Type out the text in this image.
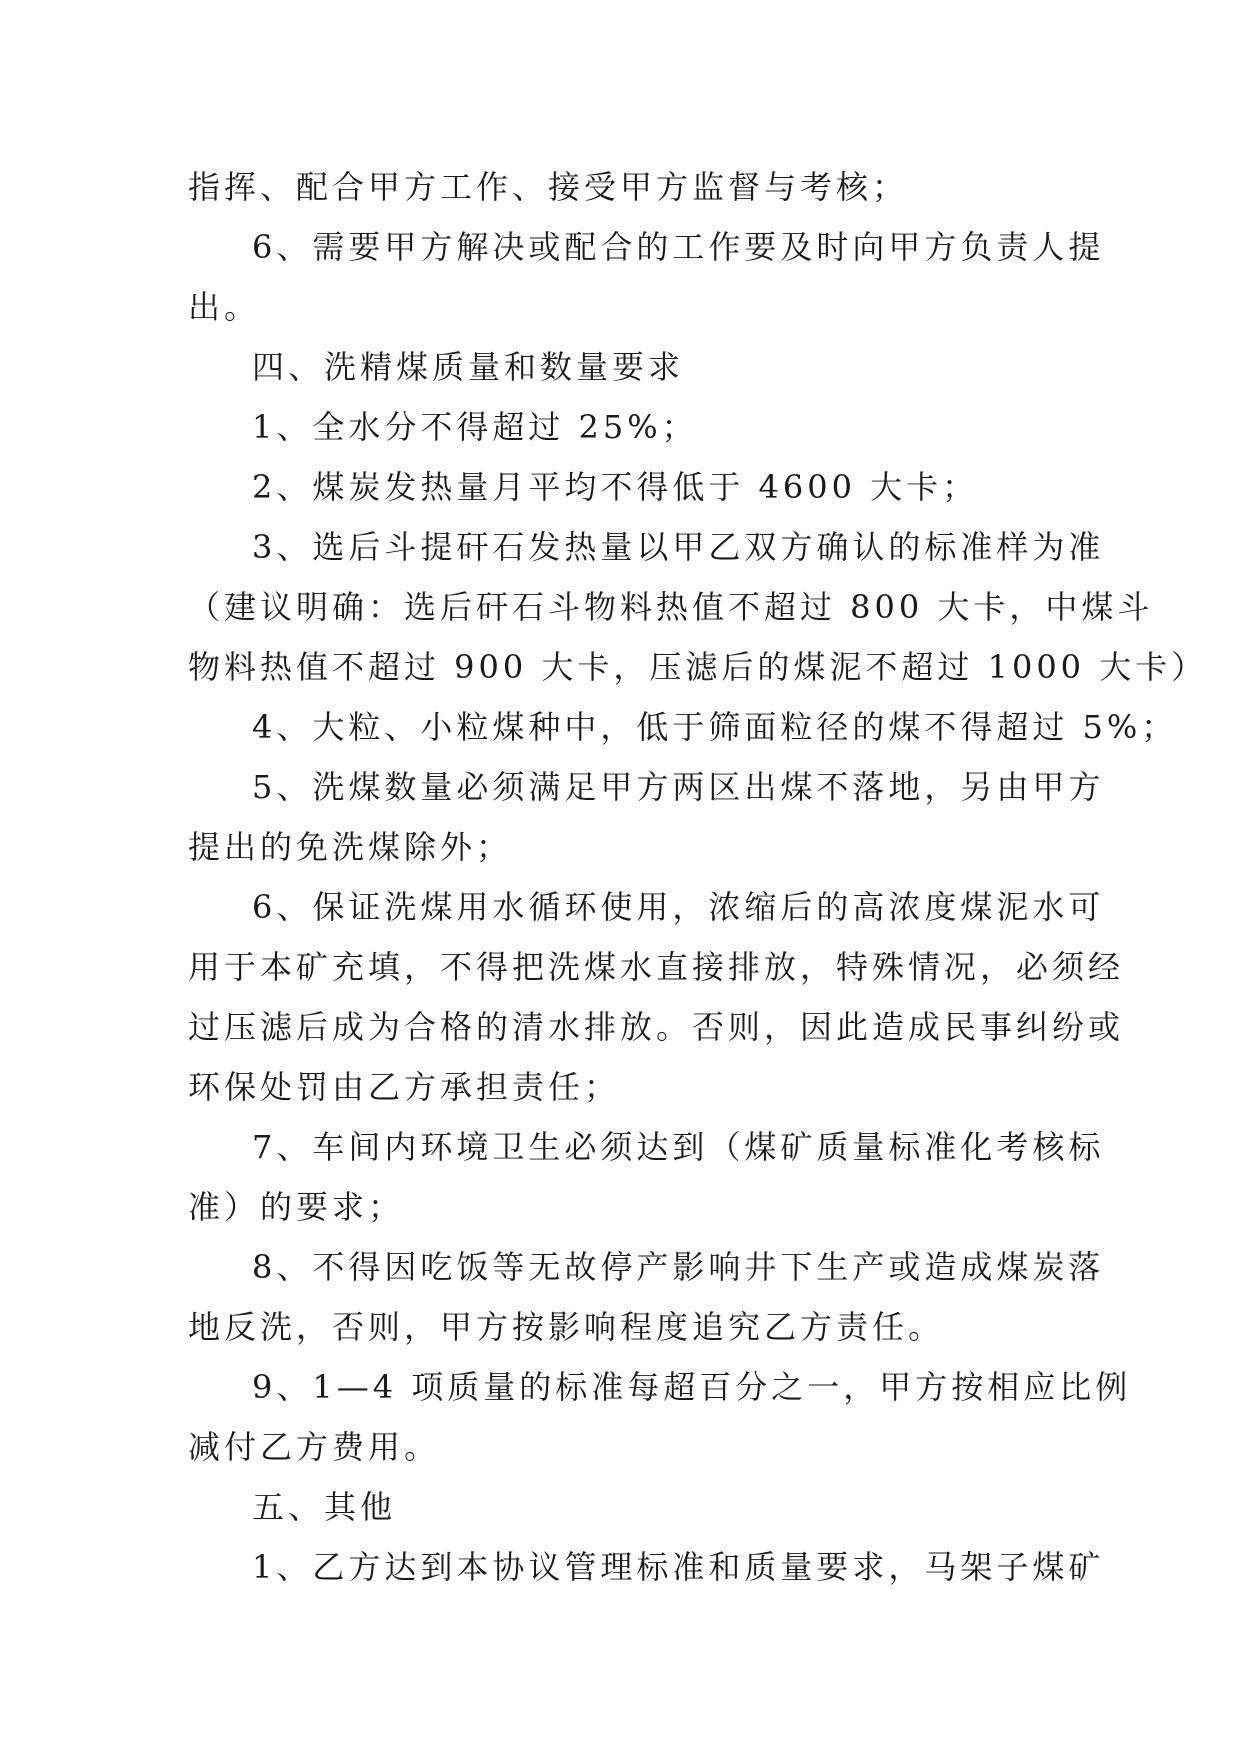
指挥、配合甲方工作、接受甲方监督与考核；
6、需要甲方解决或配合的工作要及时向甲方负责人提
出。
四、洗精煤质量和数量要求
1、全水分不得超过 25%；
2、煤炭发热量月平均不得低于 4600 大卡；
3、选后斗提矸石发热量以甲乙双方确认的标准样为准
（建议明确：选后矸石斗物料热值不超过 800 大卡，中煤斗
物料热值不超过 900 大卡，压滤后的煤泥不超过 1000 大卡）
4、大粒、小粒煤种中，低于筛面粒径的煤不得超过 5%；
5、洗煤数量必须满足甲方两区出煤不落地，另由甲方
提出的免洗煤除外；
6、保证洗煤用水循环使用，浓缩后的高浓度煤泥水可
用于本矿充填，不得把洗煤水直接排放，特殊情况，必须经
过压滤后成为合格的清水排放。否则，因此造成民事纠纷或
环保处罚由乙方承担责任；
7、车间内环境卫生必须达到（煤矿质量标准化考核标
准）的要求；
8、不得因吃饭等无故停产影响井下生产或造成煤炭落
地反洗，否则，甲方按影响程度追究乙方责任。
9、1—4 项质量的标准每超百分之一，甲方按相应比例
减付乙方费用。
五、其他
1、乙方达到本协议管理标准和质量要求，马架子煤矿
